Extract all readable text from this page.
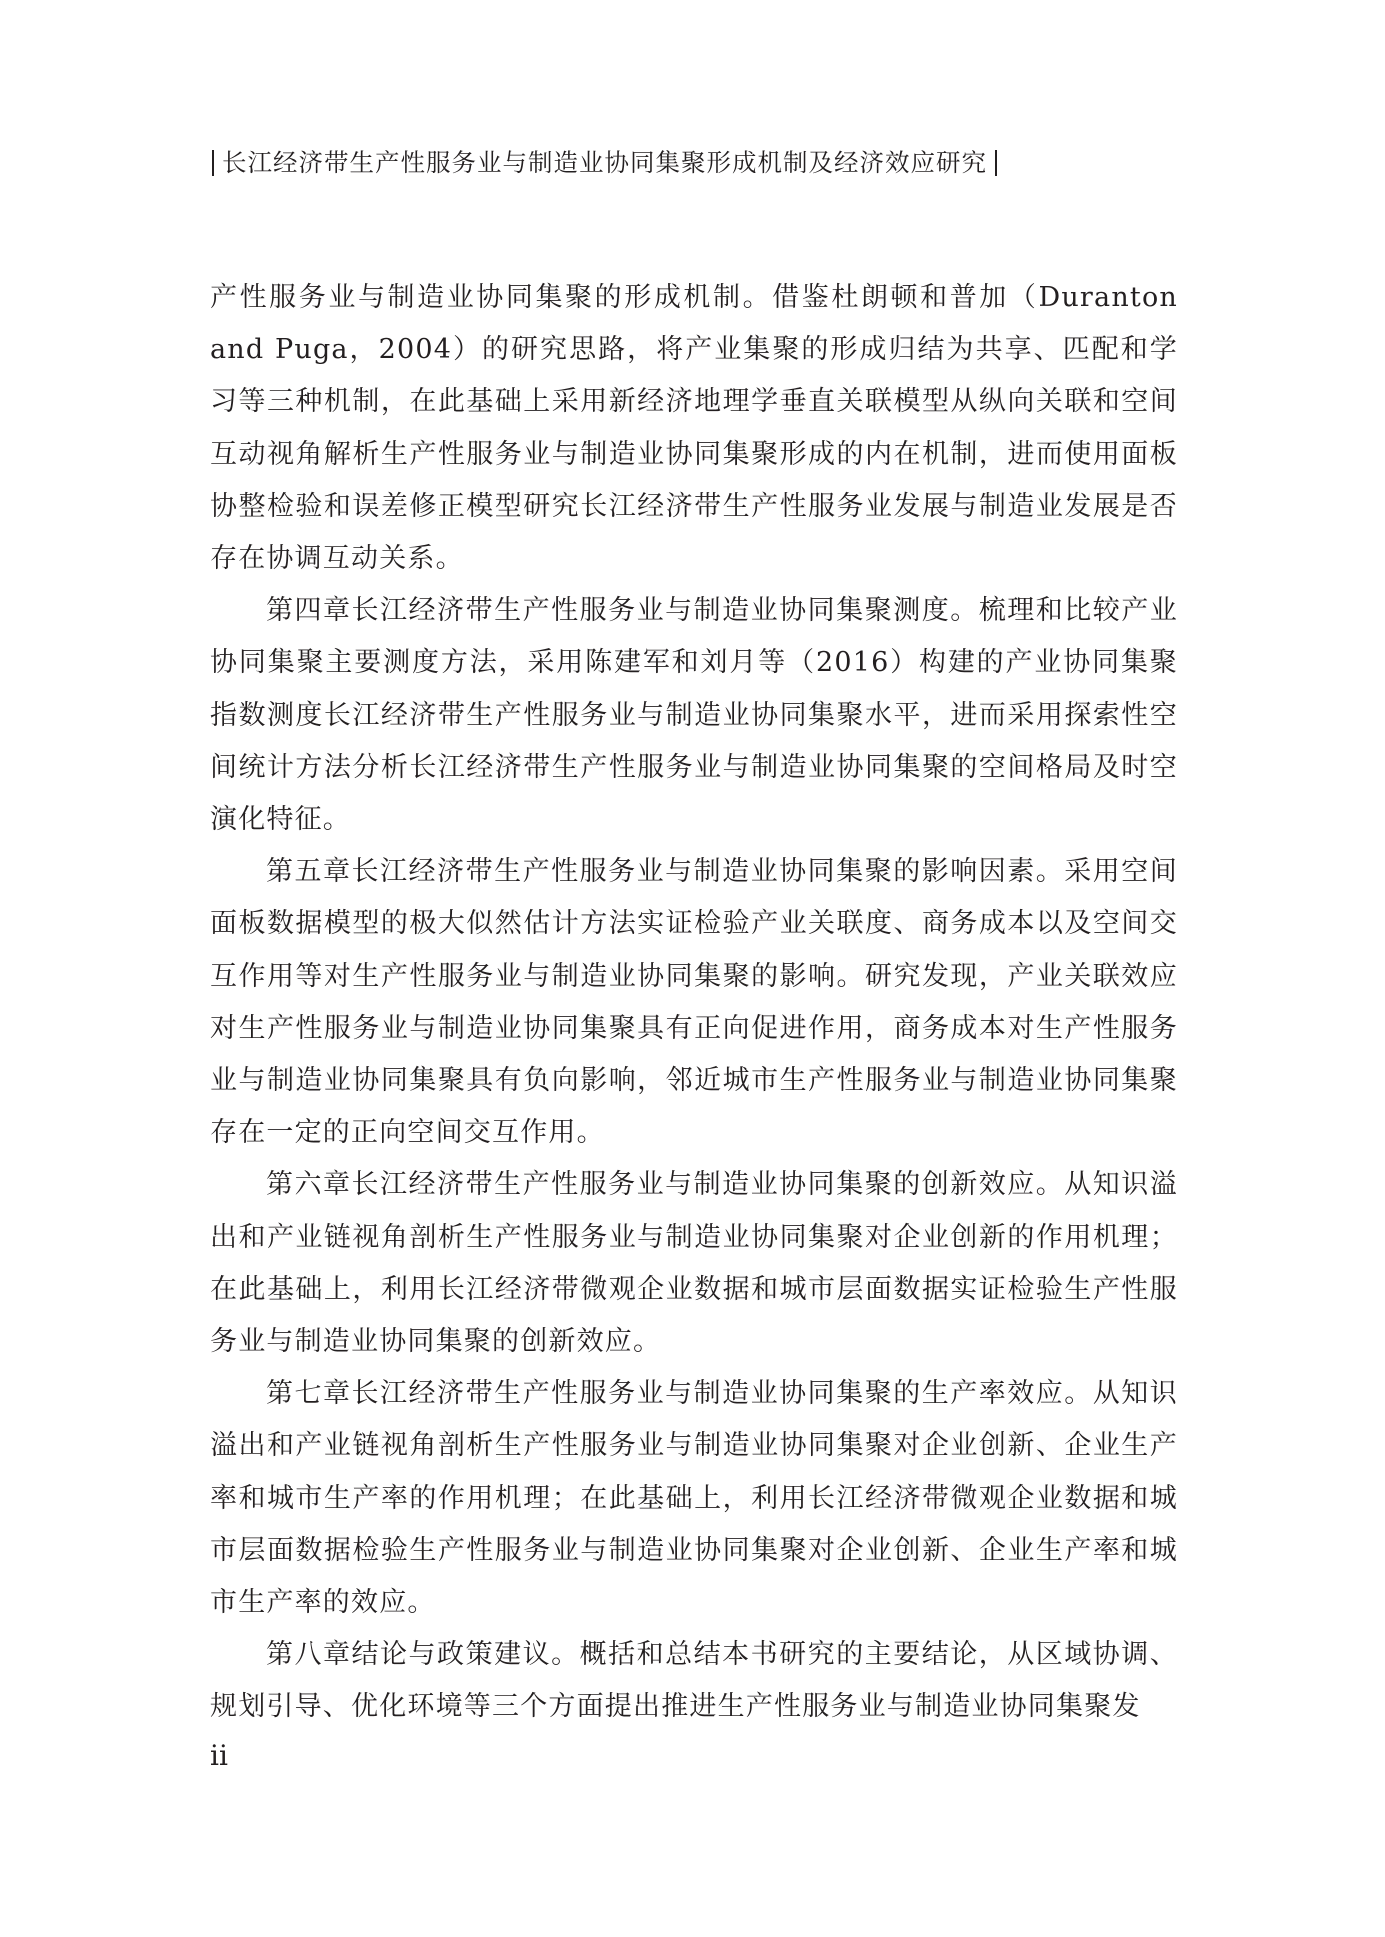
长江经济带生产性服务业与制造业协同集聚形成机制及经济效应研究

产性服务业与制造业协同集聚的形成机制。借鉴杜朗顿和普加（Duranton and Puga，2004）的研究思路，将产业集聚的形成归结为共享、匹配和学习等三种机制，在此基础上采用新经济地理学垂直关联模型从纵向关联和空间互动视角解析生产性服务业与制造业协同集聚形成的内在机制，进而使用面板协整检验和误差修正模型研究长江经济带生产性服务业发展与制造业发展是否存在协调互动关系。

第四章长江经济带生产性服务业与制造业协同集聚测度。梳理和比较产业协同集聚主要测度方法，采用陈建军和刘月等（2016）构建的产业协同集聚指数测度长江经济带生产性服务业与制造业协同集聚水平，进而采用探索性空间统计方法分析长江经济带生产性服务业与制造业协同集聚的空间格局及时空演化特征。

第五章长江经济带生产性服务业与制造业协同集聚的影响因素。采用空间面板数据模型的极大似然估计方法实证检验产业关联度、商务成本以及空间交互作用等对生产性服务业与制造业协同集聚的影响。研究发现，产业关联效应对生产性服务业与制造业协同集聚具有正向促进作用，商务成本对生产性服务业与制造业协同集聚具有负向影响，邻近城市生产性服务业与制造业协同集聚存在一定的正向空间交互作用。

第六章长江经济带生产性服务业与制造业协同集聚的创新效应。从知识溢出和产业链视角剖析生产性服务业与制造业协同集聚对企业创新的作用机理；在此基础上，利用长江经济带微观企业数据和城市层面数据实证检验生产性服务业与制造业协同集聚的创新效应。

第七章长江经济带生产性服务业与制造业协同集聚的生产率效应。从知识溢出和产业链视角剖析生产性服务业与制造业协同集聚对企业创新、企业生产率和城市生产率的作用机理；在此基础上，利用长江经济带微观企业数据和城市层面数据检验生产性服务业与制造业协同集聚对企业创新、企业生产率和城市生产率的效应。

第八章结论与政策建议。概括和总结本书研究的主要结论，从区域协调、规划引导、优化环境等三个方面提出推进生产性服务业与制造业协同集聚发

ii
